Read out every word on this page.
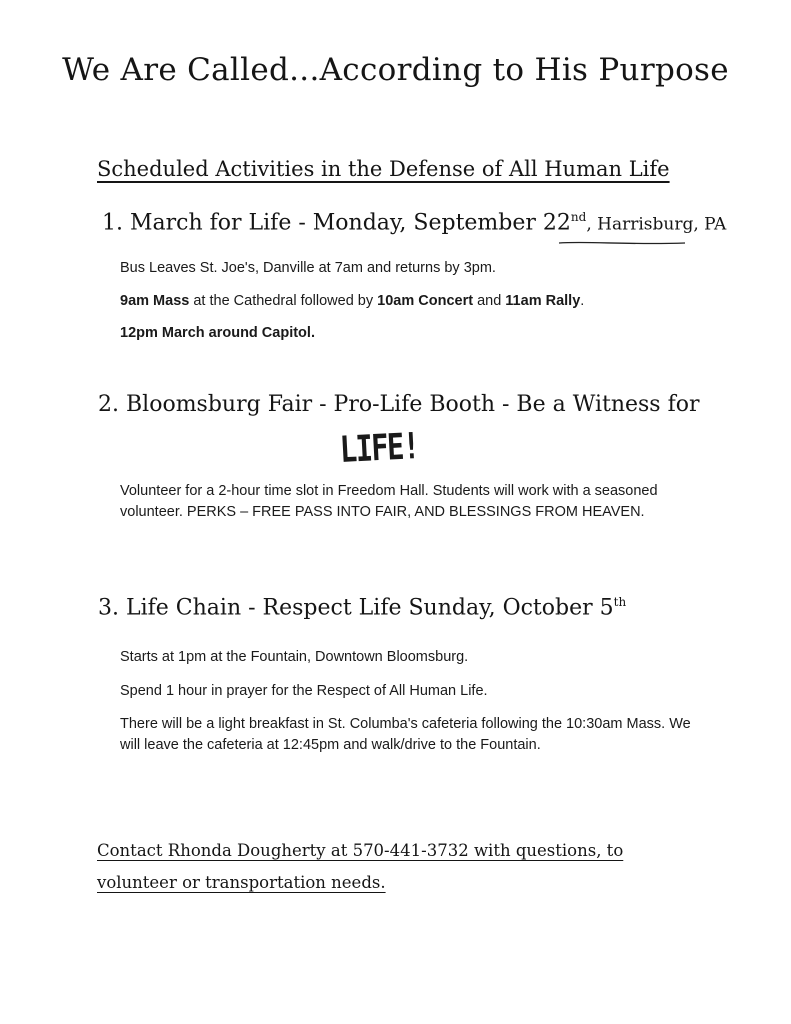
We Are Called...According to His Purpose
Scheduled Activities in the Defense of All Human Life
1. March for Life - Monday, September 22nd, Harrisburg, PA
Bus Leaves St. Joe's, Danville at 7am and returns by 3pm.
9am Mass at the Cathedral followed by 10am Concert and 11am Rally.
12pm March around Capitol.
2. Bloomsburg Fair - Pro-Life Booth - Be a Witness for
LIFE!
Volunteer for a 2-hour time slot in Freedom Hall. Students will work with a seasoned volunteer. PERKS – FREE PASS INTO FAIR, AND BLESSINGS FROM HEAVEN.
3. Life Chain - Respect Life Sunday, October 5th
Starts at 1pm at the Fountain, Downtown Bloomsburg.
Spend 1 hour in prayer for the Respect of All Human Life.
There will be a light breakfast in St. Columba's cafeteria following the 10:30am Mass. We will leave the cafeteria at 12:45pm and walk/drive to the Fountain.
Contact Rhonda Dougherty at 570-441-3732 with questions, to volunteer or transportation needs.
